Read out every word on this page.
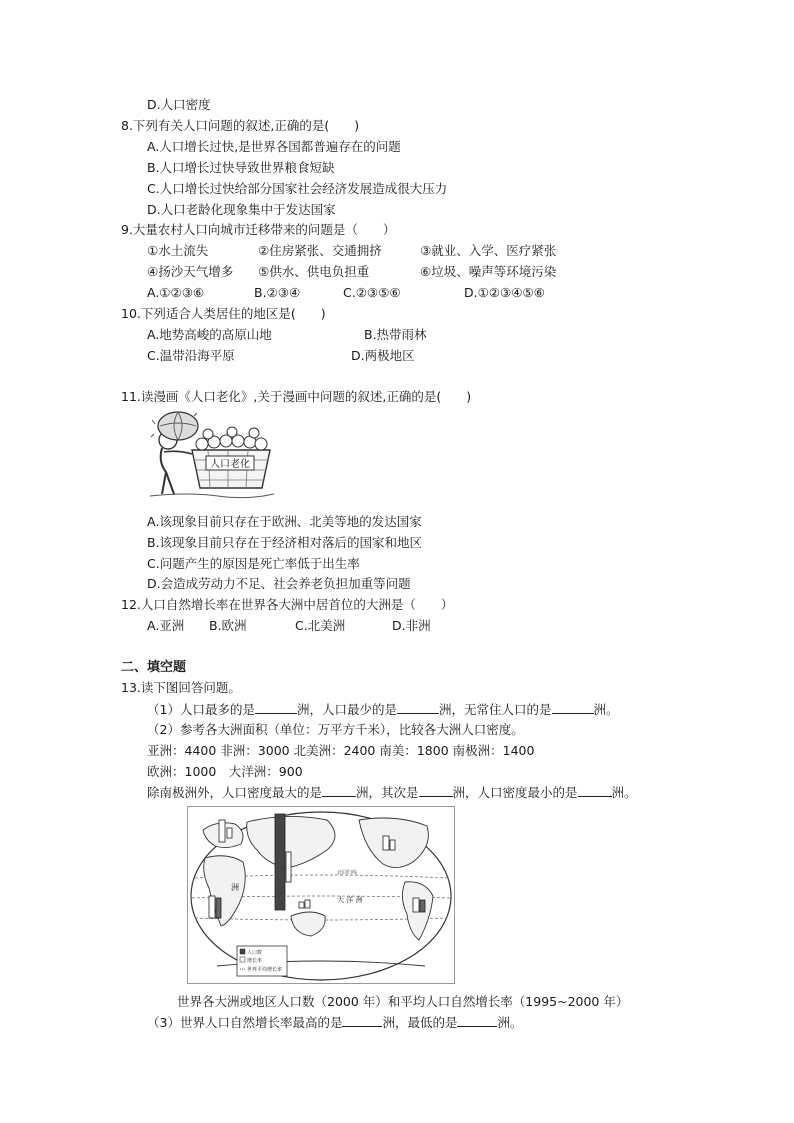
D.人口密度
8.下列有关人口问题的叙述,正确的是(　　)
A.人口增长过快,是世界各国都普遍存在的问题
B.人口增长过快导致世界粮食短缺
C.人口增长过快给部分国家社会经济发展造成很大压力
D.人口老龄化现象集中于发达国家
9.大量农村人口向城市迁移带来的问题是（　　）
①水土流失	②住房紧张、交通拥挤	③就业、入学、医疗紧张
④扬沙天气增多 ⑤供水、供电负担重	⑥垃圾、噪声等环境污染
A.①②③⑥	B.②③④	C.②③⑤⑥	D.①②③④⑤⑥
10.下列适合人类居住的地区是(　　)
A.地势高峻的高原山地	B.热带雨林
C.温带沿海平原	D.两极地区
11.读漫画《人口老化》,关于漫画中问题的叙述,正确的是(　　)
人口老化
A.该现象目前只存在于欧洲、北美等地的发达国家
B.该现象目前只存在于经济相对落后的国家和地区
C.问题产生的原因是死亡率低于出生率
D.会造成劳动力不足、社会养老负担加重等问题
12.人口自然增长率在世界各大洲中居首位的大洲是（　　）
A.亚洲 B.欧洲	C.北美洲	D.非洲
二、填空题
13.读下图回答问题。
（1）人口最多的是	洲，人口最少的是	洲，无常住人口的是	洲。
（2）参考各大洲面积（单位：万平方千米），比较各大洲人口密度。
亚洲：4400 非洲：3000 北美洲：2400 南美：1800 南极洲：1400
欧洲：1000　大洋洲：900
除南极洲外，人口密度最大的是	洲，其次是	洲，人口密度最小的是	洲。
洲
大 洋 洲
北回归线
人口数
增长率
世界平均增长率
世界各大洲或地区人口数（2000 年）和平均人口自然增长率（1995~2000 年）
（3）世界人口自然增长率最高的是	洲，最低的是	洲。
